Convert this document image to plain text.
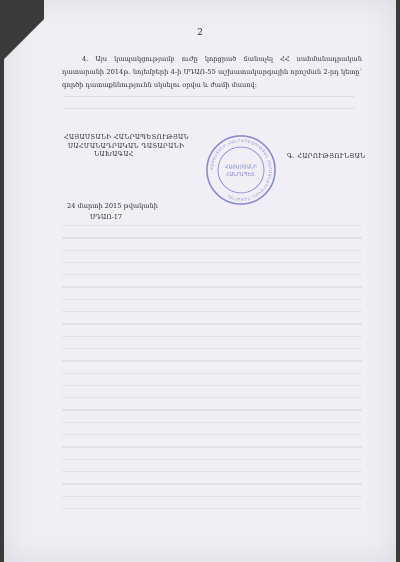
2

4. Այս կապակցությամբ ուժը կորցրած ճանաչել ՀՀ սահմանադրական դատարանի 2014թ. նոյեմբերի 4-ի ՍԴԱՈ-55 աշխատակարգային որոշման 2-րդ կետը՝ գործի դատաքննությունն սկսելու օրվա և ժամի մասով:

ՀԱՅԱՍՏԱՆԻ ՀԱՆՐԱՊԵՏՈՒԹՅԱՆ
ՍԱՀՄԱՆԱԴՐԱԿԱՆ ԴԱՏԱՐԱՆԻ
ՆԱԽԱԳԱՀ
ՀԱՅԱՍՏԱՆԻ ՀԱՆՐԱՊԵՏՈՒԹՅԱՆ ՍԱՀՄԱՆԱԴՐԱԿԱՆ ԴԱՏԱՐԱՆ
ՀԱՅԱՍՏԱՆԻ
ՀԱՆՐԱՊԵՏ.
Գ. ՀԱՐՈՒԹՅՈՒՆՅԱՆ
24 մարտի 2015 թվականի
ՍԴԱՈ-17
